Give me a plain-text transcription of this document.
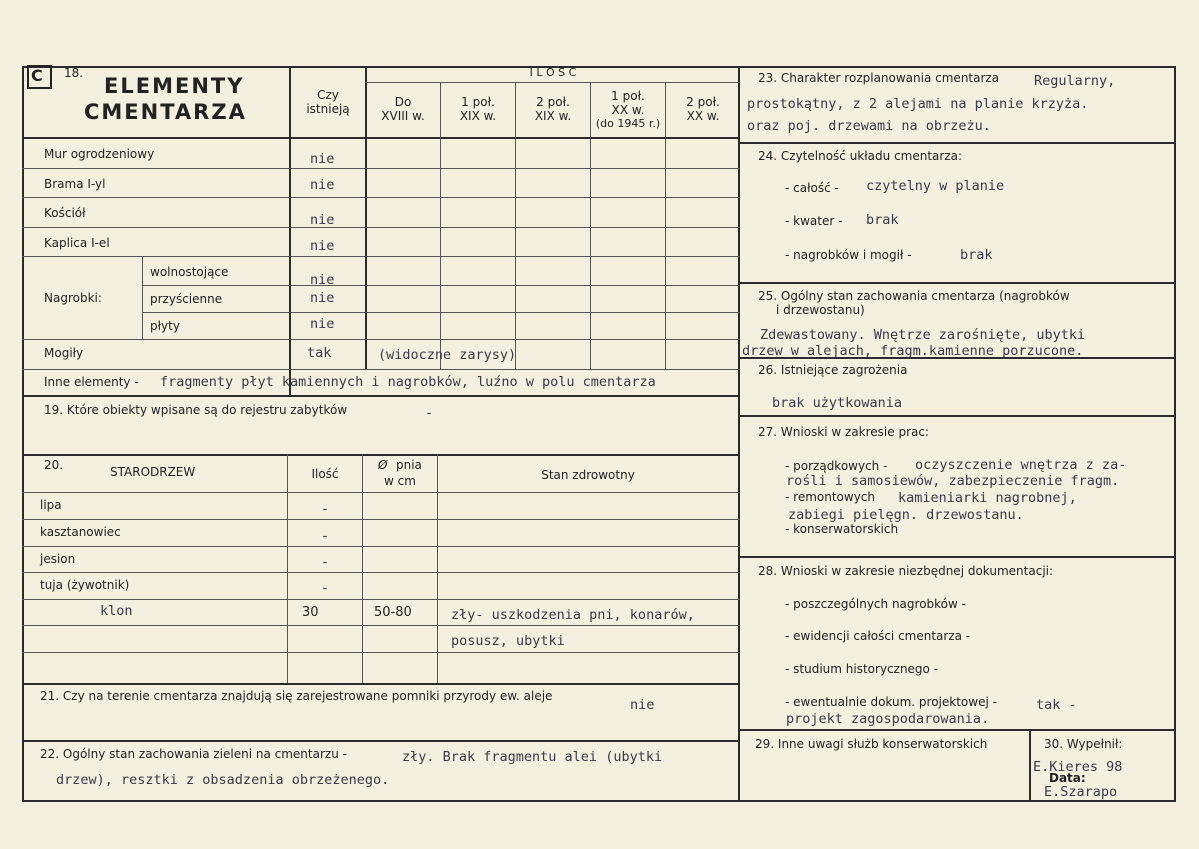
C 18.
ELEMENTY
CMENTARZA
Czy
istnieją
I L O Ś Ć
Do
XVIII w.
1 poł.
XIX w.
2 poł.
XIX w.
1 poł.
XX w.
(do 1945 r.)
2 poł.
XX w.
Mur ogrodzeniowy	nie
Brama I-yl	nie
Kościół	nie
Kaplica I-el	nie
Nagrobki:
wolnostojące	nie
przyścienne	nie
płyty	nie
Mogiły	tak	(widoczne zarysy)
Inne elementy - fragmenty płyt kamiennych i nagrobków, luźno w polu cmentarza
19. Które obiekty wpisane są do rejestru zabytków	-
20.	STARODRZEW	Ilość
Ø pnia
w cm	Stan zdrowotny
lipa	-
kasztanowiec	-
jesion	-
tuja (żywotnik)	-
klon	30	50-80	zły- uszkodzenia pni, konarów,
posusz, ubytki
21. Czy na terenie cmentarza znajdują się zarejestrowane pomniki przyrody ew. aleje
nie
22. Ogólny stan zachowania zieleni na cmentarzu -	zły. Brak fragmentu alei (ubytki
drzew), resztki z obsadzenia obrzeżenego.
23. Charakter rozplanowania cmentarza	Regularny,
prostokątny, z 2 alejami na planie krzyża.
oraz poj. drzewami na obrzeżu.
24. Czytelność układu cmentarza:
- całość - czytelny w planie
- kwater - brak
- nagrobków i mogił -	brak
25. Ogólny stan zachowania cmentarza (nagrobków
i drzewostanu)
Zdewastowany. Wnętrze zarośnięte, ubytki
drzew w alejach, fragm.kamienne porzucone.
26. Istniejące zagrożenia
brak użytkowania
27. Wnioski w zakresie prac:
- porządkowych - oczyszczenie wnętrza z za-
rośli i samosiewów, zabezpieczenie fragm.
- remontowych kamieniarki nagrobnej,
zabiegi pielęgn. drzewostanu.
- konserwatorskich
28. Wnioski w zakresie niezbędnej dokumentacji:
- poszczególnych nagrobków -
- ewidencji całości cmentarza -
- studium historycznego -
- ewentualnie dokum. projektowej -	tak -
projekt zagospodarowania.
29. Inne uwagi służb konserwatorskich	30. Wypełnił:
E.Kieres 98
Data:
E.Szarapo
